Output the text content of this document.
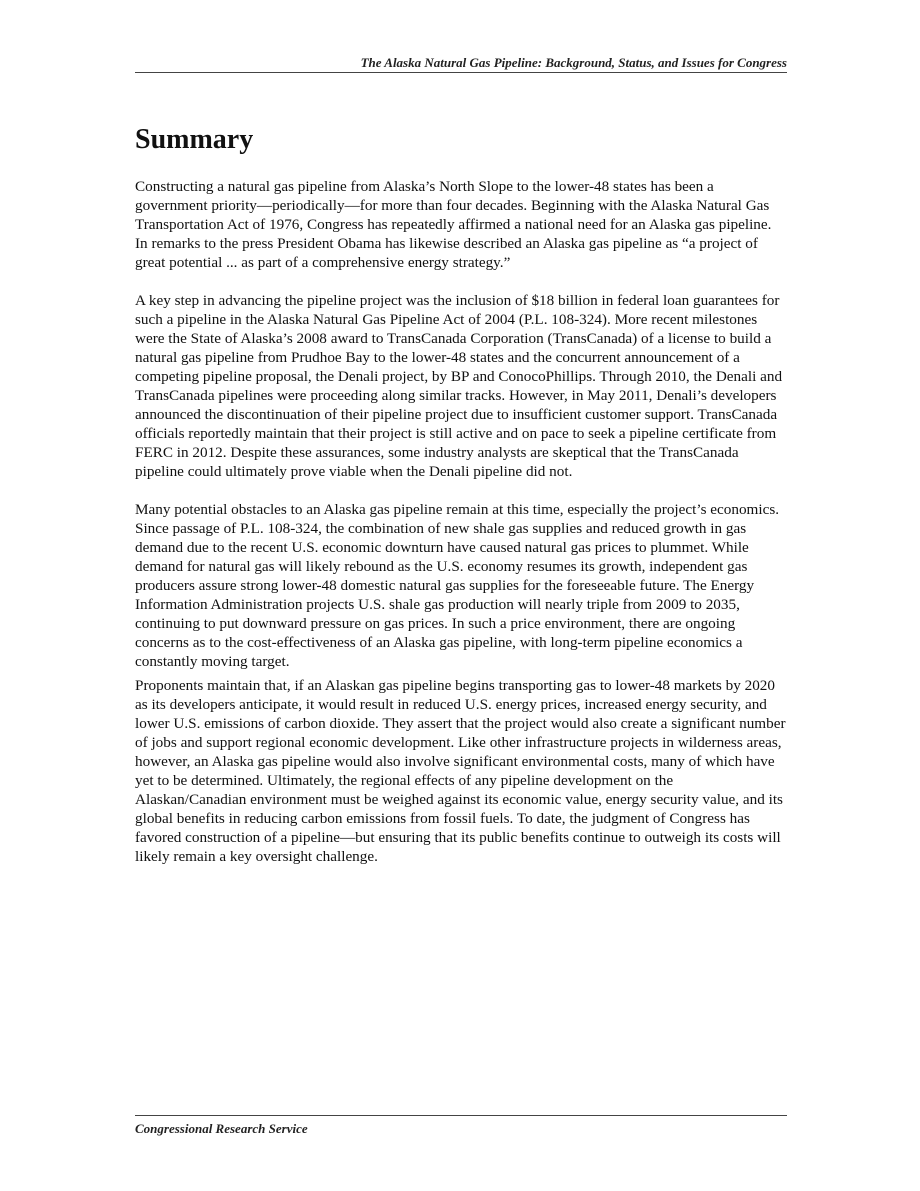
The Alaska Natural Gas Pipeline: Background, Status, and Issues for Congress
Summary

Constructing a natural gas pipeline from Alaska’s North Slope to the lower-48 states has been a government priority—periodically—for more than four decades. Beginning with the Alaska Natural Gas Transportation Act of 1976, Congress has repeatedly affirmed a national need for an Alaska gas pipeline. In remarks to the press President Obama has likewise described an Alaska gas pipeline as “a project of great potential ... as part of a comprehensive energy strategy.”

A key step in advancing the pipeline project was the inclusion of $18 billion in federal loan guarantees for such a pipeline in the Alaska Natural Gas Pipeline Act of 2004 (P.L. 108-324). More recent milestones were the State of Alaska’s 2008 award to TransCanada Corporation (TransCanada) of a license to build a natural gas pipeline from Prudhoe Bay to the lower-48 states and the concurrent announcement of a competing pipeline proposal, the Denali project, by BP and ConocoPhillips. Through 2010, the Denali and TransCanada pipelines were proceeding along similar tracks. However, in May 2011, Denali’s developers announced the discontinuation of their pipeline project due to insufficient customer support. TransCanada officials reportedly maintain that their project is still active and on pace to seek a pipeline certificate from FERC in 2012. Despite these assurances, some industry analysts are skeptical that the TransCanada pipeline could ultimately prove viable when the Denali pipeline did not.

Many potential obstacles to an Alaska gas pipeline remain at this time, especially the project’s economics. Since passage of P.L. 108-324, the combination of new shale gas supplies and reduced growth in gas demand due to the recent U.S. economic downturn have caused natural gas prices to plummet. While demand for natural gas will likely rebound as the U.S. economy resumes its growth, independent gas producers assure strong lower-48 domestic natural gas supplies for the foreseeable future. The Energy Information Administration projects U.S. shale gas production will nearly triple from 2009 to 2035, continuing to put downward pressure on gas prices. In such a price environment, there are ongoing concerns as to the cost-effectiveness of an Alaska gas pipeline, with long-term pipeline economics a constantly moving target.

Proponents maintain that, if an Alaskan gas pipeline begins transporting gas to lower-48 markets by 2020 as its developers anticipate, it would result in reduced U.S. energy prices, increased energy security, and lower U.S. emissions of carbon dioxide. They assert that the project would also create a significant number of jobs and support regional economic development. Like other infrastructure projects in wilderness areas, however, an Alaska gas pipeline would also involve significant environmental costs, many of which have yet to be determined. Ultimately, the regional effects of any pipeline development on the Alaskan/Canadian environment must be weighed against its economic value, energy security value, and its global benefits in reducing carbon emissions from fossil fuels. To date, the judgment of Congress has favored construction of a pipeline—but ensuring that its public benefits continue to outweigh its costs will likely remain a key oversight challenge.

Congressional Research Service
